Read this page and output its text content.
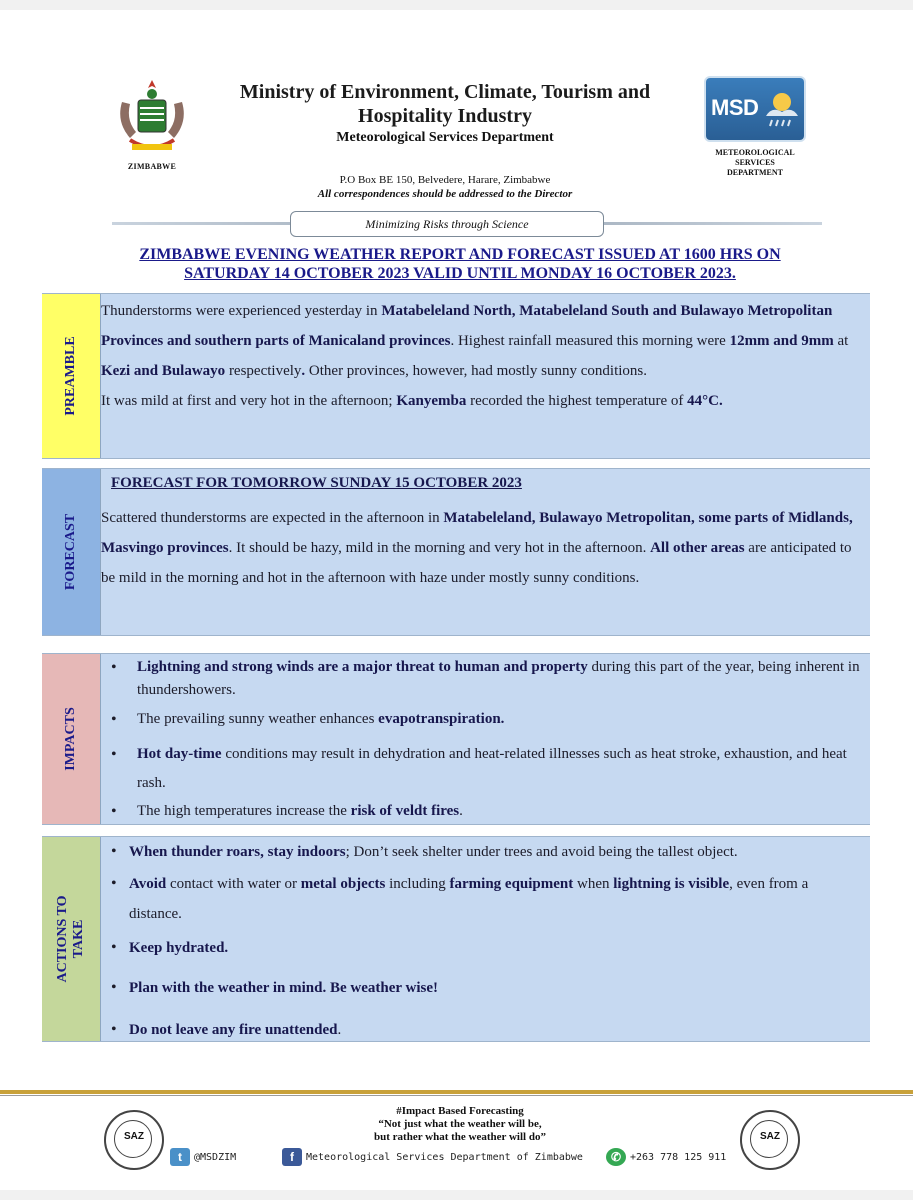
ZIMBABWE
Ministry of Environment, Climate, Tourism and
Hospitality Industry
Meteorological Services Department
P.O Box BE 150, Belvedere, Harare, Zimbabwe
All correspondences should be addressed to the Director
MSD
METEOROLOGICAL
SERVICES
DEPARTMENT
Minimizing Risks through Science
ZIMBABWE EVENING WEATHER REPORT AND FORECAST ISSUED AT 1600 HRS ON
SATURDAY 14 OCTOBER 2023 VALID UNTIL MONDAY 16 OCTOBER 2023.
PREAMBLE

Thunderstorms were experienced yesterday in Matabeleland North, Matabeleland South and Bulawayo Metropolitan Provinces and southern parts of Manicaland provinces. Highest rainfall measured this morning were 12mm and 9mm at Kezi and Bulawayo respectively. Other provinces, however, had mostly sunny conditions.

It was mild at first and very hot in the afternoon; Kanyemba recorded the highest temperature of 44°C.

FORECAST
FORECAST FOR TOMORROW SUNDAY 15 OCTOBER 2023

Scattered thunderstorms are expected in the afternoon in Matabeleland, Bulawayo Metropolitan, some parts of Midlands, Masvingo provinces. It should be hazy, mild in the morning and very hot in the afternoon. All other areas are anticipated to be mild in the morning and hot in the afternoon with haze under mostly sunny conditions.

IMPACTS
• Lightning and strong winds are a major threat to human and property during this part of the year, being inherent in thundershowers.
• The prevailing sunny weather enhances evapotranspiration.
• Hot day-time conditions may result in dehydration and heat-related illnesses such as heat stroke, exhaustion, and heat rash.
• The high temperatures increase the risk of veldt fires.
ACTIONS TO TAKE
• When thunder roars, stay indoors; Don’t seek shelter under trees and avoid being the tallest object.
• Avoid contact with water or metal objects including farming equipment when lightning is visible, even from a distance.
• Keep hydrated.
• Plan with the weather in mind. Be weather wise!
• Do not leave any fire unattended.
SAZ	SAZ
#Impact Based Forecasting
“Not just what the weather will be,
but rather what the weather will do”
t	@MSDZIM	f	Meteorological Services Department of Zimbabwe	✆ +263 778 125 911
